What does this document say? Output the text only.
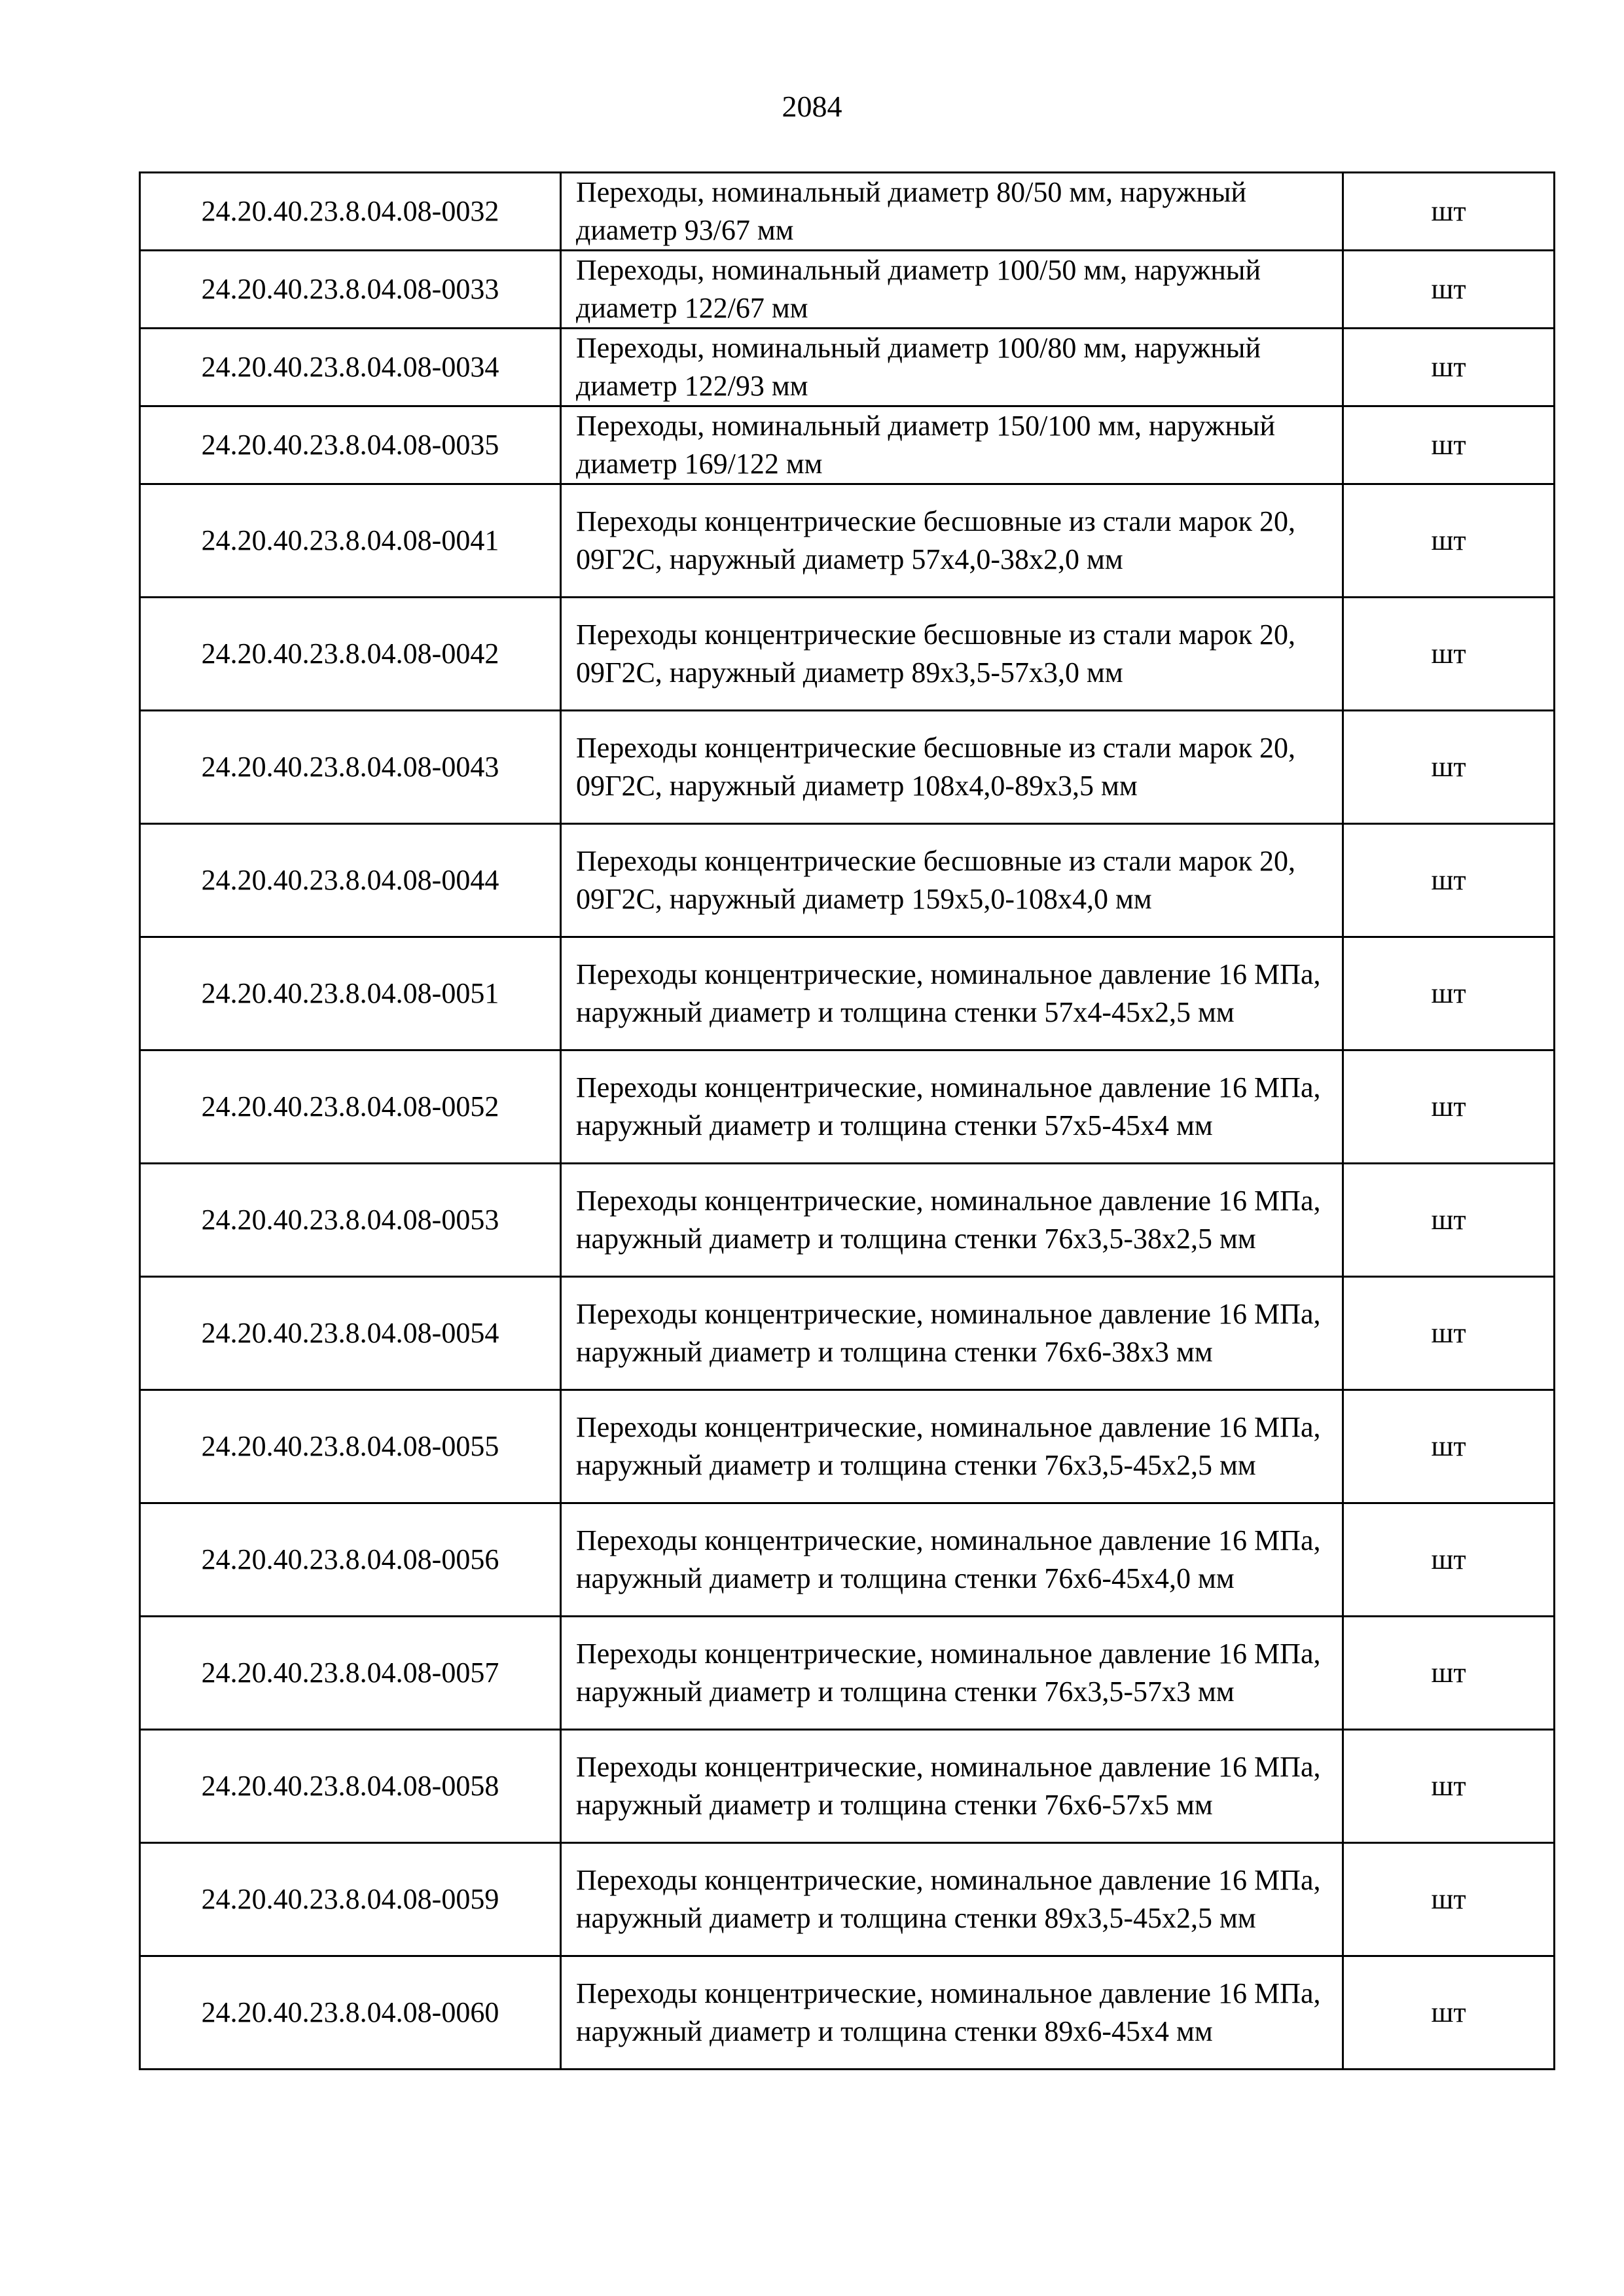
2084
24.20.40.23.8.04.08-0032	Переходы, номинальный диаметр 80/50 мм, наружный диаметр 93/67 мм	шт
24.20.40.23.8.04.08-0033	Переходы, номинальный диаметр 100/50 мм, наружный диаметр 122/67 мм	шт
24.20.40.23.8.04.08-0034	Переходы, номинальный диаметр 100/80 мм, наружный диаметр 122/93 мм	шт
24.20.40.23.8.04.08-0035	Переходы, номинальный диаметр 150/100 мм, наружный диаметр 169/122 мм	шт
24.20.40.23.8.04.08-0041	Переходы концентрические бесшовные из стали марок 20, 09Г2С, наружный диаметр 57х4,0-38х2,0 мм	шт
24.20.40.23.8.04.08-0042	Переходы концентрические бесшовные из стали марок 20, 09Г2С, наружный диаметр 89х3,5-57х3,0 мм	шт
24.20.40.23.8.04.08-0043	Переходы концентрические бесшовные из стали марок 20, 09Г2С, наружный диаметр 108х4,0-89х3,5 мм	шт
24.20.40.23.8.04.08-0044	Переходы концентрические бесшовные из стали марок 20, 09Г2С, наружный диаметр 159х5,0-108х4,0 мм	шт
24.20.40.23.8.04.08-0051	Переходы концентрические, номинальное давление 16 МПа, наружный диаметр и толщина стенки 57х4-45х2,5 мм	шт
24.20.40.23.8.04.08-0052	Переходы концентрические, номинальное давление 16 МПа, наружный диаметр и толщина стенки 57х5-45х4 мм	шт
24.20.40.23.8.04.08-0053	Переходы концентрические, номинальное давление 16 МПа, наружный диаметр и толщина стенки 76х3,5-38х2,5 мм	шт
24.20.40.23.8.04.08-0054	Переходы концентрические, номинальное давление 16 МПа, наружный диаметр и толщина стенки 76х6-38х3 мм	шт
24.20.40.23.8.04.08-0055	Переходы концентрические, номинальное давление 16 МПа, наружный диаметр и толщина стенки 76х3,5-45х2,5 мм	шт
24.20.40.23.8.04.08-0056	Переходы концентрические, номинальное давление 16 МПа, наружный диаметр и толщина стенки 76х6-45х4,0 мм	шт
24.20.40.23.8.04.08-0057	Переходы концентрические, номинальное давление 16 МПа, наружный диаметр и толщина стенки 76х3,5-57х3 мм	шт
24.20.40.23.8.04.08-0058	Переходы концентрические, номинальное давление 16 МПа, наружный диаметр и толщина стенки 76х6-57х5 мм	шт
24.20.40.23.8.04.08-0059	Переходы концентрические, номинальное давление 16 МПа, наружный диаметр и толщина стенки 89х3,5-45х2,5 мм	шт
24.20.40.23.8.04.08-0060	Переходы концентрические, номинальное давление 16 МПа, наружный диаметр и толщина стенки 89х6-45х4 мм	шт
